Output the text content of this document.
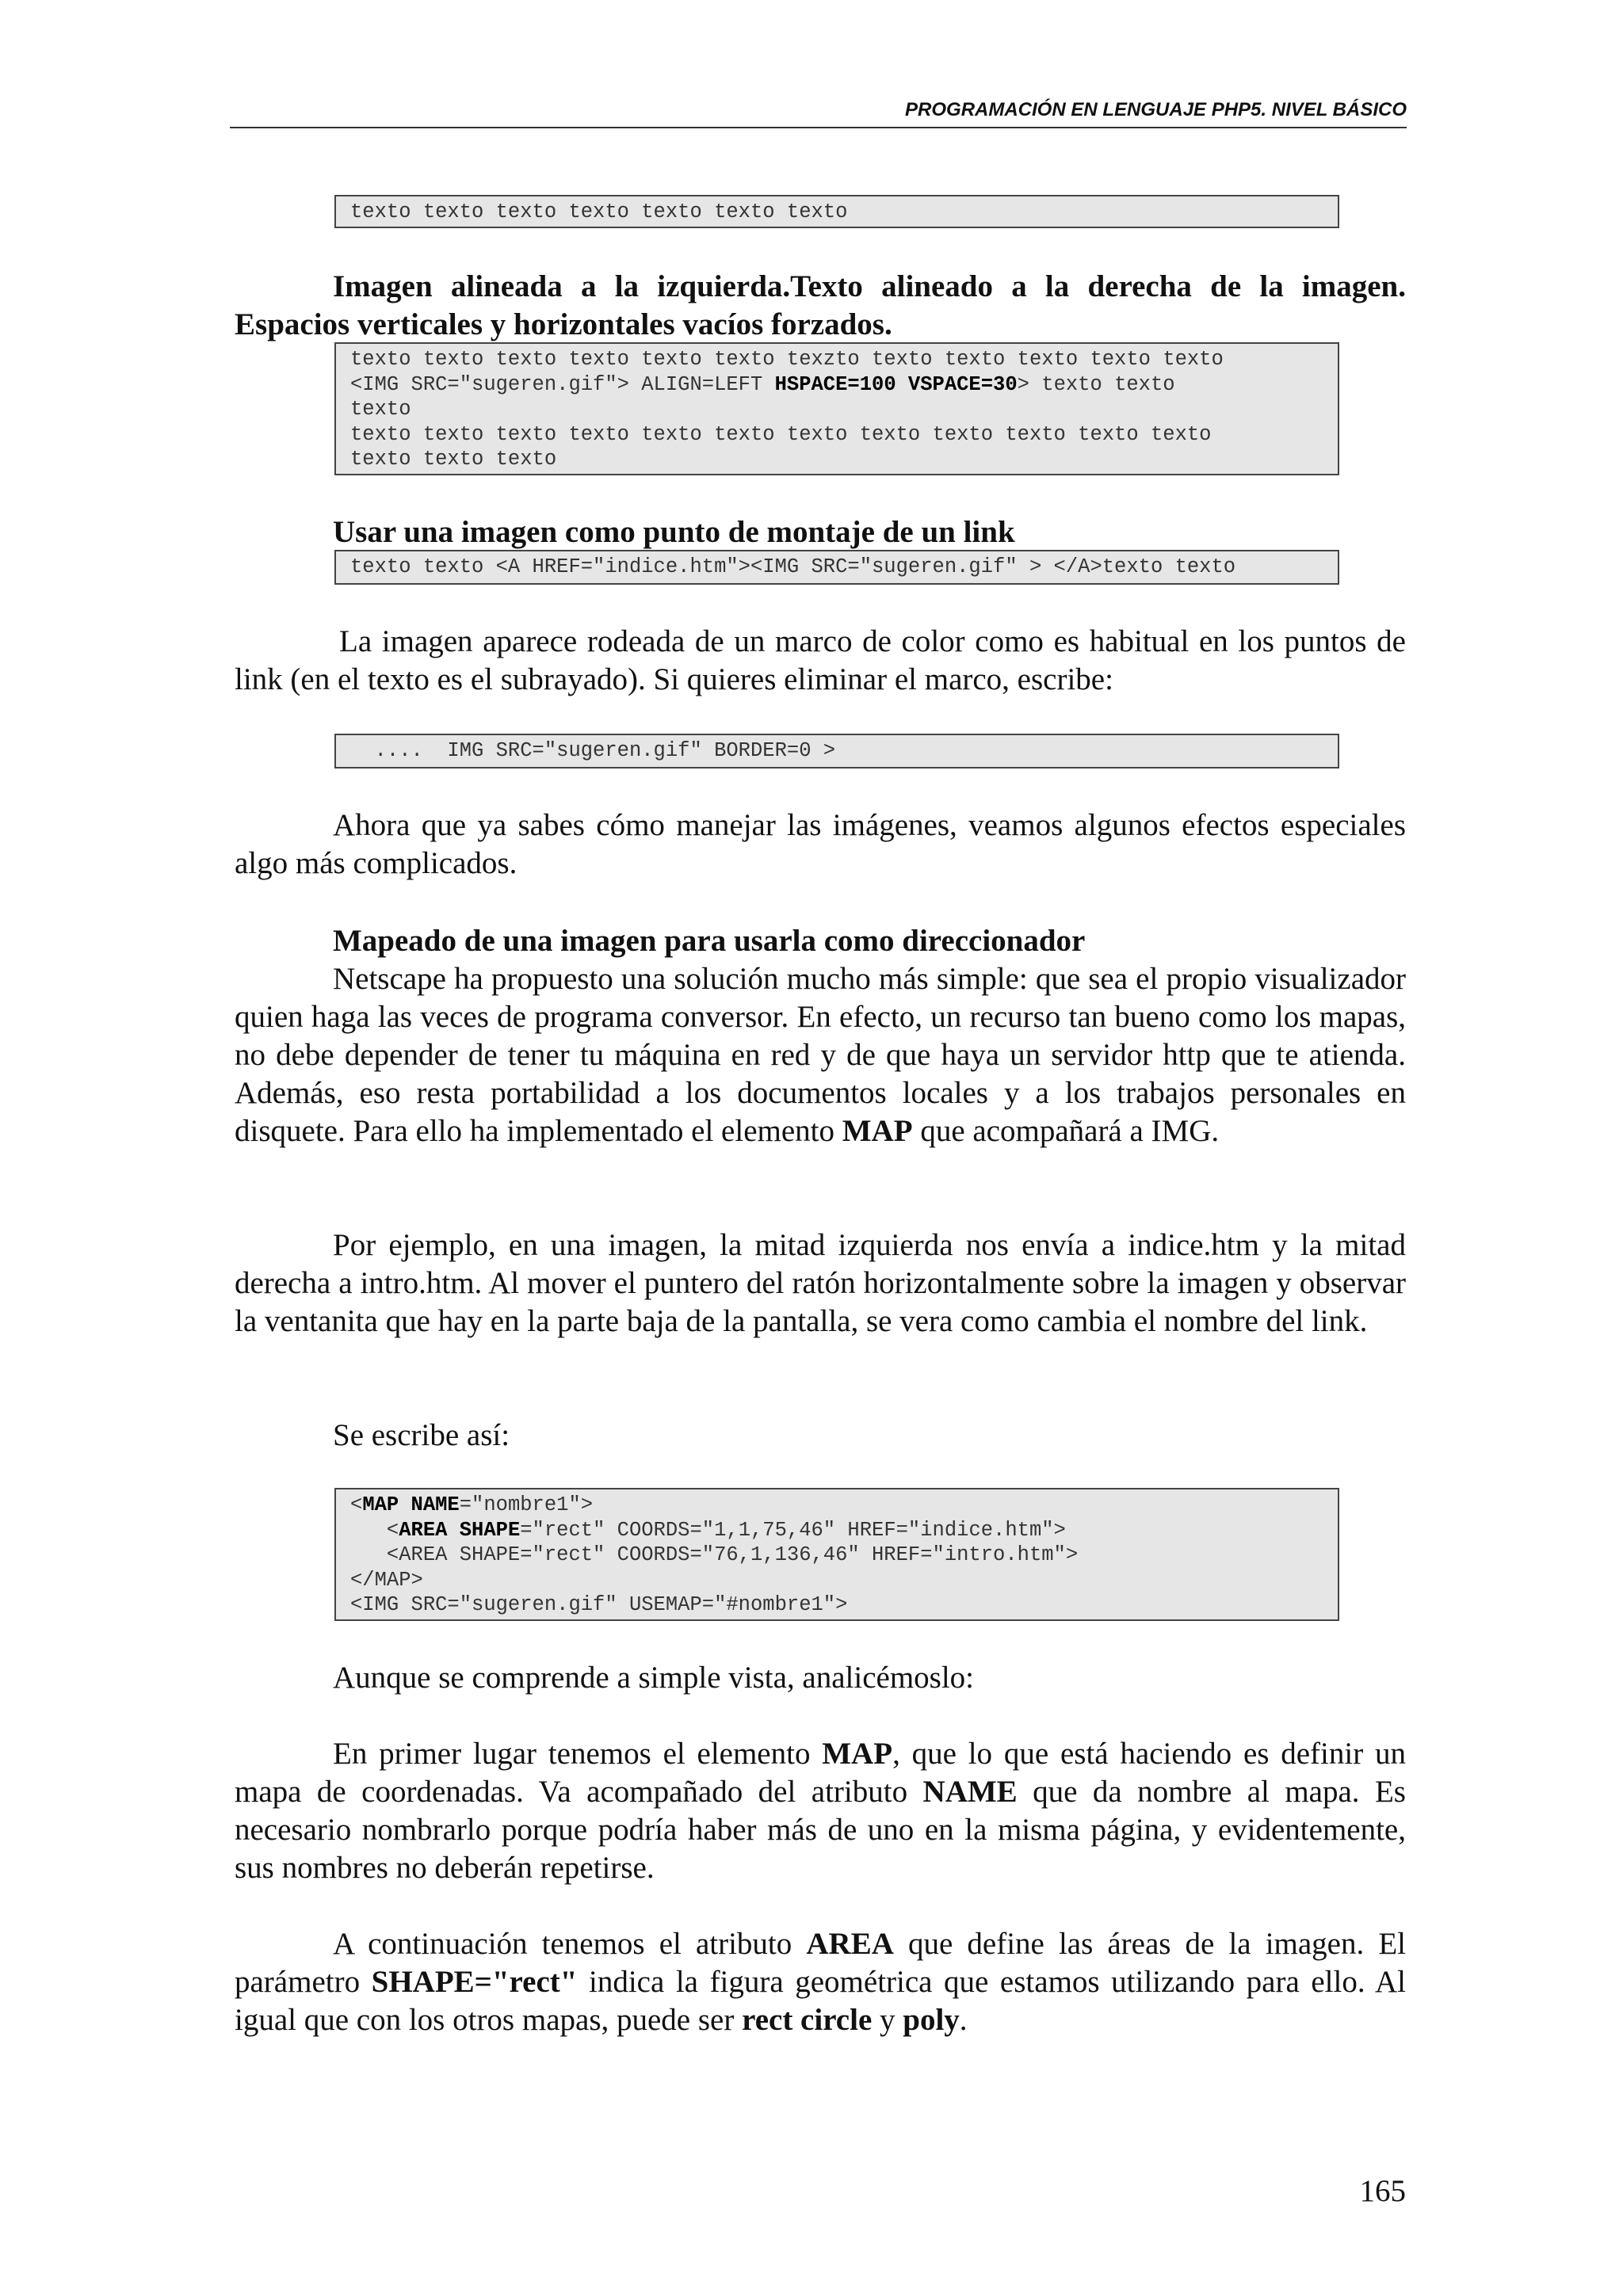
PROGRAMACIÓN EN LENGUAJE PHP5. NIVEL BÁSICO
texto texto texto texto texto texto texto
Imagen alineada a la izquierda.Texto alineado a la derecha de la imagen. Espacios verticales y horizontales vacíos forzados.
texto texto texto texto texto texto texzto texto texto texto texto texto
<IMG SRC="sugeren.gif"> ALIGN=LEFT HSPACE=100 VSPACE=30> texto texto
texto
texto texto texto texto texto texto texto texto texto texto texto texto
texto texto texto
Usar una imagen como punto de montaje de un link
texto texto <A HREF="indice.htm"><IMG SRC="sugeren.gif" > </A>texto texto
La imagen aparece rodeada de un marco de color como es habitual en los puntos de link (en el texto es el subrayado). Si quieres eliminar el marco, escribe:
....  IMG SRC="sugeren.gif" BORDER=0 >
Ahora que ya sabes cómo manejar las imágenes, veamos algunos efectos especiales algo más complicados.
Mapeado de una imagen para usarla como direccionador
Netscape ha propuesto una solución mucho más simple: que sea el propio visualizador quien haga las veces de programa conversor. En efecto, un recurso tan bueno como los mapas, no debe depender de tener tu máquina en red y de que haya un servidor http que te atienda. Además, eso resta portabilidad a los documentos locales y a los trabajos personales en disquete. Para ello ha implementado el elemento MAP que acompañará a IMG.
Por ejemplo, en una imagen, la mitad izquierda nos envía a indice.htm y la mitad derecha a intro.htm. Al mover el puntero del ratón horizontalmente sobre la imagen y observar la ventanita que hay en la parte baja de la pantalla, se vera como cambia el nombre del link.
Se escribe así:
<MAP NAME="nombre1">
<AREA SHAPE="rect" COORDS="1,1,75,46" HREF="indice.htm">
<AREA SHAPE="rect" COORDS="76,1,136,46" HREF="intro.htm">
</MAP>
<IMG SRC="sugeren.gif" USEMAP="#nombre1">
Aunque se comprende a simple vista, analicémoslo:
En primer lugar tenemos el elemento MAP, que lo que está haciendo es definir un mapa de coordenadas. Va acompañado del atributo NAME que da nombre al mapa. Es necesario nombrarlo porque podría haber más de uno en la misma página, y evidentemente, sus nombres no deberán repetirse.
A continuación tenemos el atributo AREA que define las áreas de la imagen. El parámetro SHAPE="rect" indica la figura geométrica que estamos utilizando para ello. Al igual que con los otros mapas, puede ser rect circle y poly.
165
